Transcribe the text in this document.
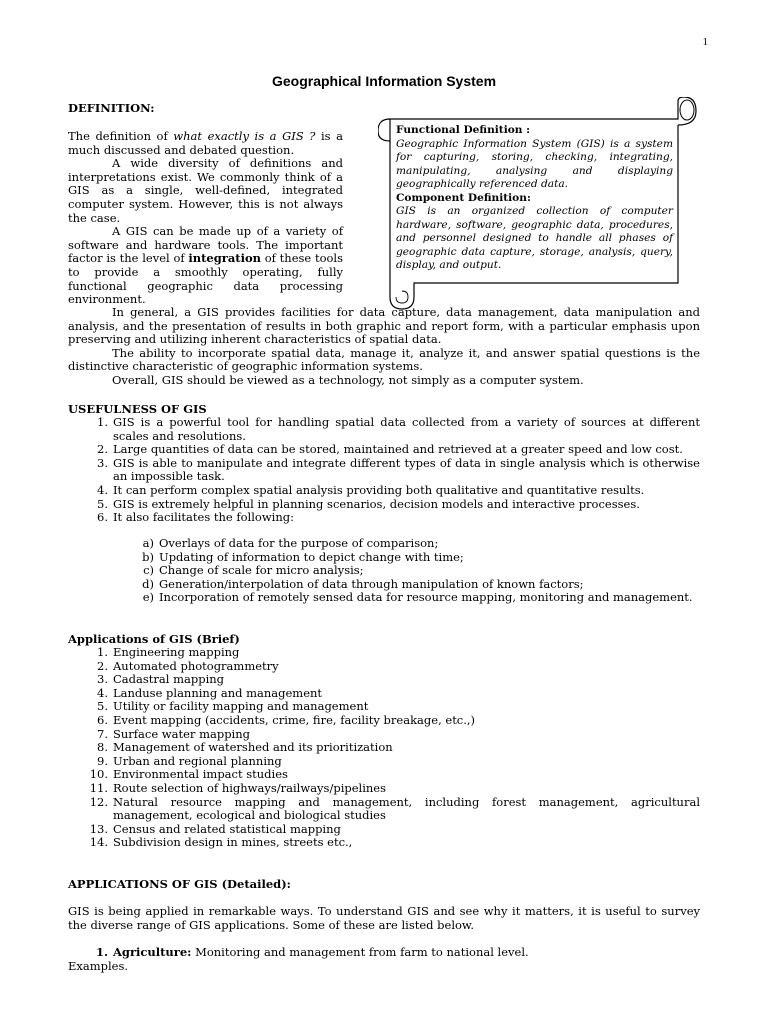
1
Geographical Information System
DEFINITION:
Functional Definition :
Geographic Information System (GIS) is a system for capturing, storing, checking, integrating, manipulating, analysing and displaying geographically referenced data.
Component Definition:
GIS is an organized collection of computer hardware, software, geographic data, procedures, and personnel designed to handle all phases of geographic data capture, storage, analysis, query, display, and output.

The definition of what exactly is a GIS ? is a much discussed and debated question.

A wide diversity of definitions and interpretations exist. We commonly think of a GIS as a single, well-defined, integrated computer system. However, this is not always the case.

A GIS can be made up of a variety of software and hardware tools. The important factor is the level of integration of these tools to provide a smoothly operating, fully functional geographic data processing environment.

In general, a GIS provides facilities for data capture, data management, data manipulation and analysis, and the presentation of results in both graphic and report form, with a particular emphasis upon preserving and utilizing inherent characteristics of spatial data.

The ability to incorporate spatial data, manage it, analyze it, and answer spatial questions is the distinctive characteristic of geographic information systems.

Overall, GIS should be viewed as a technology, not simply as a computer system.

USEFULNESS OF GIS
1. GIS is a powerful tool for handling spatial data collected from a variety of sources at different scales and resolutions.
2. Large quantities of data can be stored, maintained and retrieved at a greater speed and low cost.
3. GIS is able to manipulate and integrate different types of data in single analysis which is otherwise an impossible task.
4. It can perform complex spatial analysis providing both qualitative and quantitative results.
5. GIS is extremely helpful in planning scenarios, decision models and interactive processes.
6. It also facilitates the following:
a) Overlays of data for the purpose of comparison;
b) Updating of information to depict change with time;
c) Change of scale for micro analysis;
d) Generation/interpolation of data through manipulation of known factors;
e) Incorporation of remotely sensed data for resource mapping, monitoring and management.
Applications of GIS (Brief)
1. Engineering mapping
2. Automated photogrammetry
3. Cadastral mapping
4. Landuse planning and management
5. Utility or facility mapping and management
6. Event mapping (accidents, crime, fire, facility breakage, etc.,)
7. Surface water mapping
8. Management of watershed and its prioritization
9. Urban and regional planning
10. Environmental impact studies
11. Route selection of highways/railways/pipelines
12. Natural resource mapping and management, including forest management, agricultural management, ecological and biological studies
13. Census and related statistical mapping
14. Subdivision design in mines, streets etc.,
APPLICATIONS OF GIS (Detailed):

GIS is being applied in remarkable ways. To understand GIS and see why it matters, it is useful to survey the diverse range of GIS applications. Some of these are listed below.

1. Agriculture: Monitoring and management from farm to national level.
Examples.
